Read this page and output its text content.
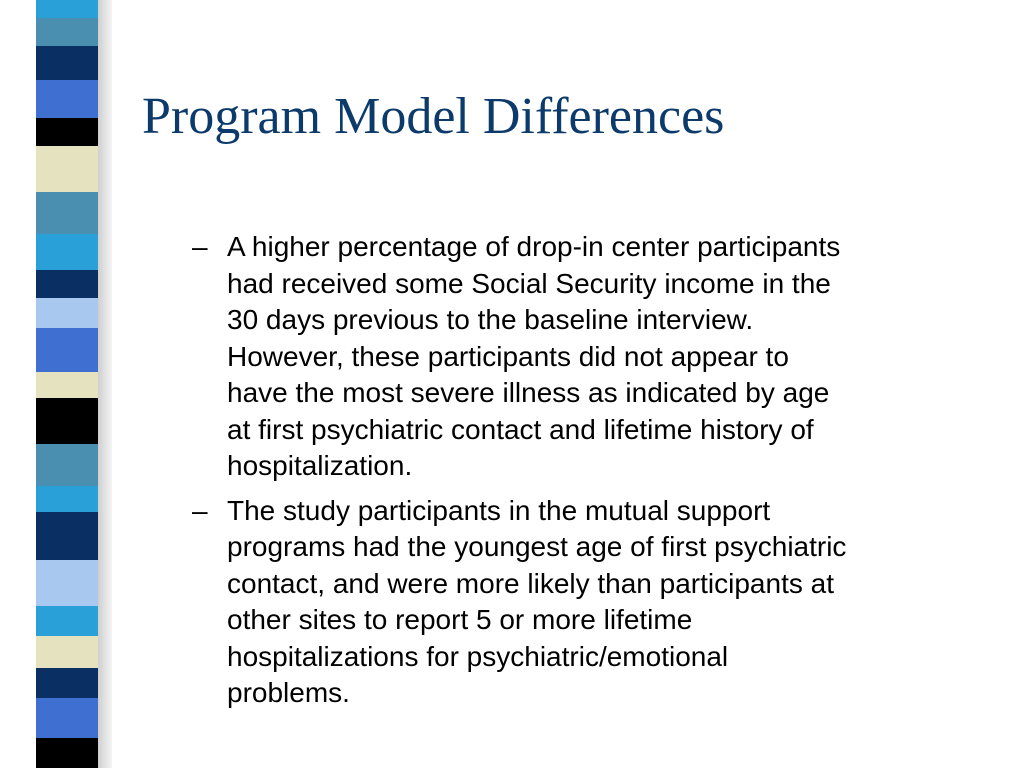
Program Model Differences
– A higher percentage of drop-in center participants
had received some Social Security income in the
30 days previous to the baseline interview.
However, these participants did not appear to
have the most severe illness as indicated by age
at first psychiatric contact and lifetime history of
hospitalization.
– The study participants in the mutual support
programs had the youngest age of first psychiatric
contact, and were more likely than participants at
other sites to report 5 or more lifetime
hospitalizations for psychiatric/emotional
problems.
